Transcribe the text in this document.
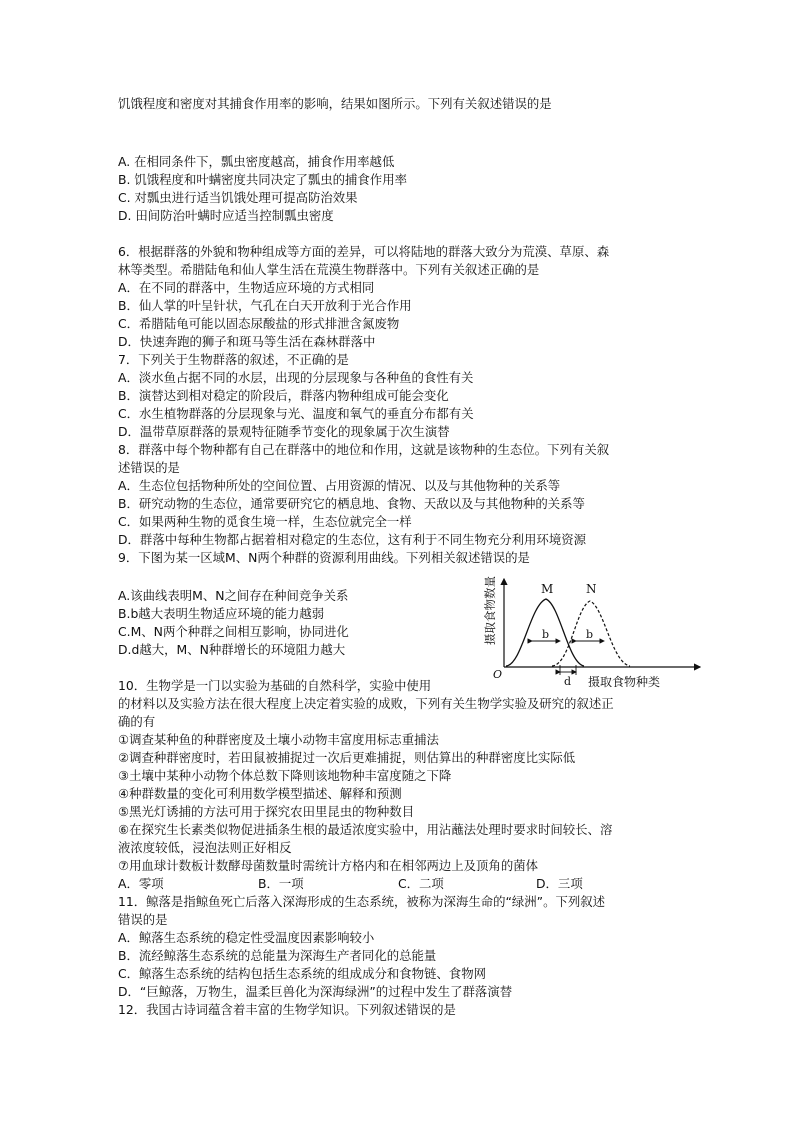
饥饿程度和密度对其捕食作用率的影响，结果如图所示。下列有关叙述错误的是
A. 在相同条件下，瓢虫密度越高，捕食作用率越低
B. 饥饿程度和叶螨密度共同决定了瓢虫的捕食作用率
C. 对瓢虫进行适当饥饿处理可提高防治效果
D. 田间防治叶螨时应适当控制瓢虫密度
6．根据群落的外貌和物种组成等方面的差异，可以将陆地的群落大致分为荒漠、草原、森
林等类型。希腊陆龟和仙人掌生活在荒漠生物群落中。下列有关叙述正确的是
A．在不同的群落中，生物适应环境的方式相同
B．仙人掌的叶呈针状，气孔在白天开放利于光合作用
C．希腊陆龟可能以固态尿酸盐的形式排泄含氮废物
D．快速奔跑的狮子和斑马等生活在森林群落中
7．下列关于生物群落的叙述，不正确的是
A．淡水鱼占据不同的水层，出现的分层现象与各种鱼的食性有关
B．演替达到相对稳定的阶段后，群落内物种组成可能会变化
C．水生植物群落的分层现象与光、温度和氧气的垂直分布都有关
D．温带草原群落的景观特征随季节变化的现象属于次生演替
8．群落中每个物种都有自己在群落中的地位和作用，这就是该物种的生态位。下列有关叙
述错误的是
A．生态位包括物种所处的空间位置、占用资源的情况、以及与其他物种的关系等
B．研究动物的生态位，通常要研究它的栖息地、食物、天敌以及与其他物种的关系等
C．如果两种生物的觅食生境一样，生态位就完全一样
D．群落中每种生物都占据着相对稳定的生态位，这有利于不同生物充分利用环境资源
9．下图为某一区域M、N两个种群的资源利用曲线。下列相关叙述错误的是
A.该曲线表明M、N之间存在种间竞争关系
B.b越大表明生物适应环境的能力越弱
C.M、N两个种群之间相互影响，协同进化
D.d越大，M、N种群增长的环境阻力越大
10．生物学是一门以实验为基础的自然科学，实验中使用
的材料以及实验方法在很大程度上决定着实验的成败，下列有关生物学实验及研究的叙述正
确的有
①调查某种鱼的种群密度及土壤小动物丰富度用标志重捕法
②调查种群密度时，若田鼠被捕捉过一次后更难捕捉，则估算出的种群密度比实际低
③土壤中某种小动物个体总数下降则该地物种丰富度随之下降
④种群数量的变化可利用数学模型描述、解释和预测
⑤黑光灯诱捕的方法可用于探究农田里昆虫的物种数目
⑥在探究生长素类似物促进插条生根的最适浓度实验中，用沾蘸法处理时要求时间较长、溶
液浓度较低，浸泡法则正好相反
⑦用血球计数板计数酵母菌数量时需统计方格内和在相邻两边上及顶角的菌体
11．鲸落是指鲸鱼死亡后落入深海形成的生态系统，被称为深海生命的“绿洲”。下列叙述
错误的是
A．鲸落生态系统的稳定性受温度因素影响较小
B．流经鲸落生态系统的总能量为深海生产者同化的总能量
C．鲸落生态系统的结构包括生态系统的组成成分和食物链、食物网
D．“巨鲸落，万物生，温柔巨兽化为深海绿洲”的过程中发生了群落演替
12．我国古诗词蕴含着丰富的生物学知识。下列叙述错误的是
A．零项	B．一项	C．二项	D．三项
摄取食物数量
摄取食物种类
O
M	N
b	b
d
